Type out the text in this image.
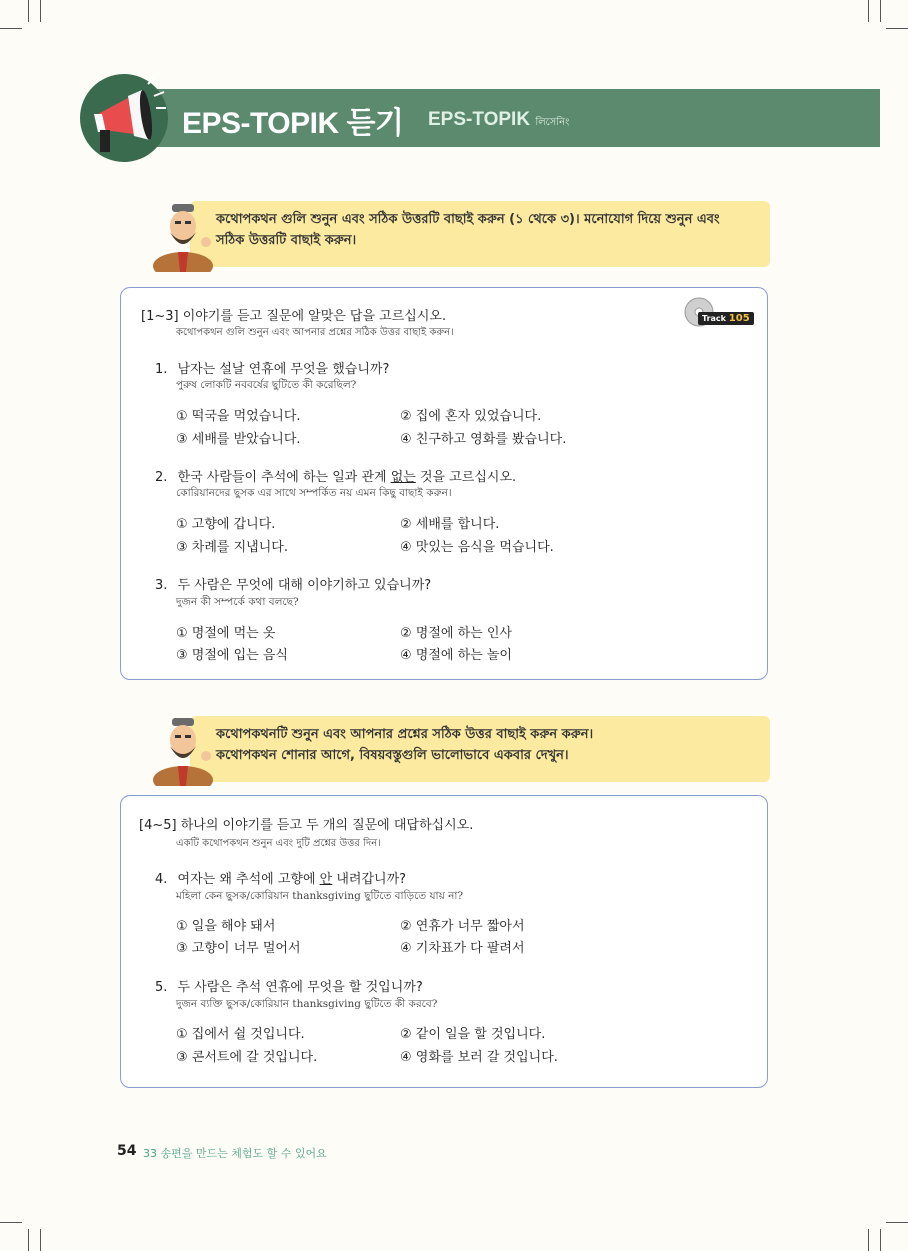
EPS-TOPIK 듣기 EPS-TOPIK লিসেনিং
কথোপকথন গুলি শুনুন এবং সঠিক উত্তরটি বাছাই করুন (১ থেকে ৩)। মনোযোগ দিয়ে শুনুন এবং
সঠিক উত্তরটি বাছাই করুন।
[1~3] 이야기를 듣고 질문에 알맞은 답을 고르십시오.
কথোপকথন গুলি শুনুন এবং আপনার প্রশ্নের সঠিক উত্তর বাছাই করুন।
Track 105
1. 남자는 설날 연휴에 무엇을 했습니까?
পুরুষ লোকটি নববর্ষের ছুটিতে কী করেছিল?
① 떡국을 먹었습니다.	② 집에 혼자 있었습니다.
③ 세배를 받았습니다.	④ 친구하고 영화를 봤습니다.
2. 한국 사람들이 추석에 하는 일과 관계 없는 것을 고르십시오.
কোরিয়ানদের ছুসক এর সাথে সম্পর্কিত নয় এমন কিছু বাছাই করুন।
① 고향에 갑니다.	② 세배를 합니다.
③ 차례를 지냅니다.	④ 맛있는 음식을 먹습니다.
3. 두 사람은 무엇에 대해 이야기하고 있습니까?
দুজন কী সম্পর্কে কথা বলছে?
① 명절에 먹는 옷	② 명절에 하는 인사
③ 명절에 입는 음식	④ 명절에 하는 놀이
কথোপকথনটি শুনুন এবং আপনার প্রশ্নের সঠিক উত্তর বাছাই করুন করুন।
কথোপকথন শোনার আগে, বিষয়বস্তুগুলি ভালোভাবে একবার দেখুন।
[4~5] 하나의 이야기를 듣고 두 개의 질문에 대답하십시오.
একটি কথোপকথন শুনুন এবং দুটি প্রশ্নের উত্তর দিন।
4. 여자는 왜 추석에 고향에 안 내려갑니까?
মহিলা কেন ছুসক/কোরিয়ান thanksgiving ছুটিতে বাড়িতে যায় না?
① 일을 해야 돼서	② 연휴가 너무 짧아서
③ 고향이 너무 멀어서	④ 기차표가 다 팔려서
5. 두 사람은 추석 연휴에 무엇을 할 것입니까?
দুজন ব্যক্তি ছুসক/কোরিয়ান thanksgiving ছুটিতে কী করবে?
① 집에서 쉴 것입니다.	② 같이 일을 할 것입니다.
③ 콘서트에 갈 것입니다.	④ 영화를 보러 갈 것입니다.
54 33 송편을 만드는 체험도 할 수 있어요
